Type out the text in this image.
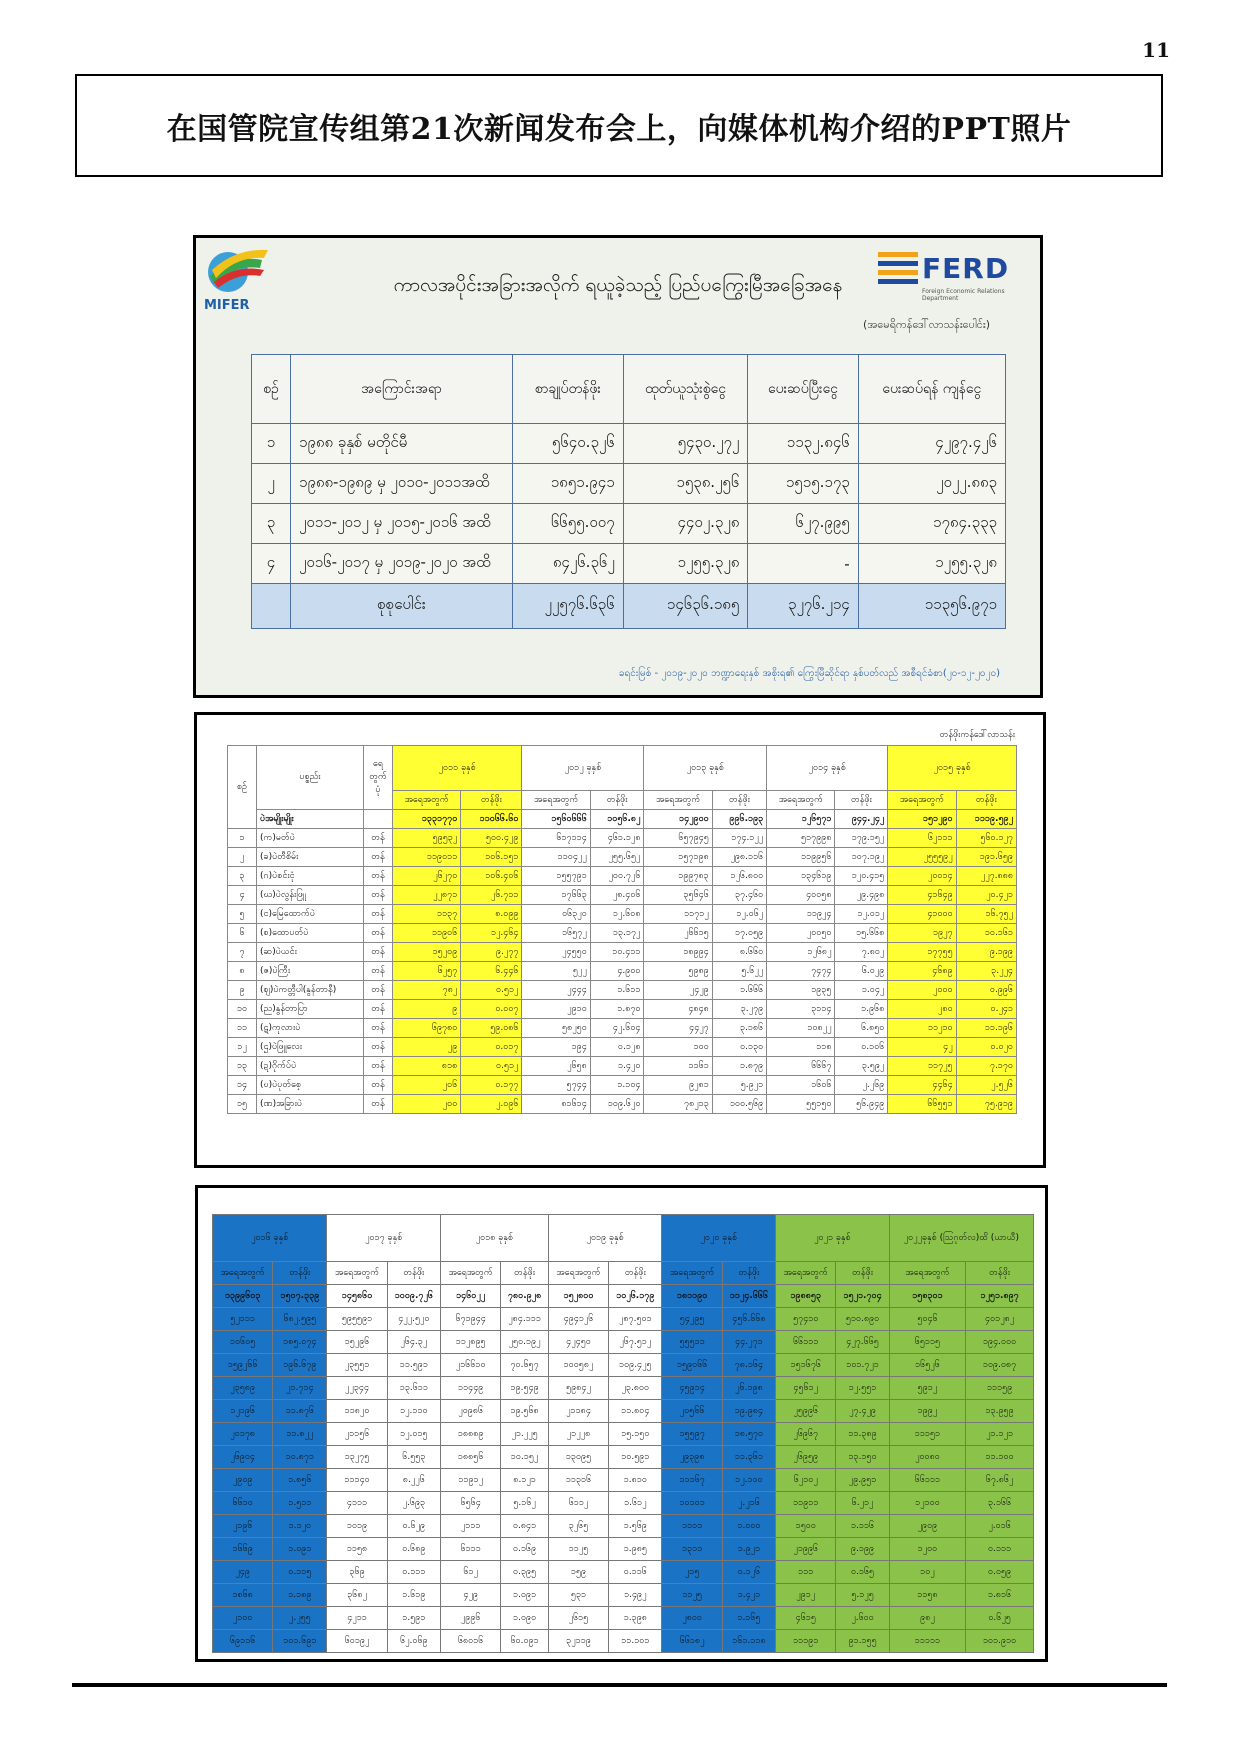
11
在国管院宣传组第21次新闻发布会上，向媒体机构介绍的PPT照片
MIFER
FERD
Foreign Economic Relations Department
ကာလအပိုင်းအခြားအလိုက် ရယူခဲ့သည့် ပြည်ပကြွေးမြီအခြေအနေ
(အမေရိကန်ဒေါ်လာသန်းပေါင်း)
စဉ်	အကြောင်းအရာ	စာချုပ်တန်ဖိုး	ထုတ်ယူသုံးစွဲငွေ	ပေးဆပ်ပြီးငွေ	ပေးဆပ်ရန် ကျန်ငွေ
၁	၁၉၈၈ ခုနှစ် မတိုင်မီ	၅၆၄၀.၃၂၆	၅၄၃၀.၂၇၂	၁၁၃၂.၈၄၆	၄၂၉၇.၄၂၆
၂	၁၉၈၈-၁၉၈၉ မှ ၂၀၁၀-၂၀၁၁အထိ	၁၈၅၁.၉၄၁	၁၅၃၈.၂၅၆	၁၅၁၅.၁၇၃	၂၀၂၂.၈၈၃
၃	၂၀၁၁-၂၀၁၂ မှ ၂၀၁၅-၂၀၁၆ အထိ	၆၆၅၅.၀၀၇	၄၄၀၂.၃၂၈	၆၂၇.၉၉၅	၁၇၈၄.၃၃၃
၄	၂၀၁၆-၂၀၁၇ မှ ၂၀၁၉-၂၀၂၀ အထိ	၈၄၂၆.၃၆၂	၁၂၅၅.၃၂၈	-	၁၂၅၅.၃၂၈
	စုစုပေါင်း	၂၂၅၇၆.၆၃၆	၁၄၆၃၆.၁၈၅	၃၂၇၆.၂၁၄	၁၁၃၅၆.၉၇၁
ခရင်းမြစ် - ၂၀၁၉-၂၀၂၀ ဘဏ္ဍာရေးနှစ် အစိုးရ၏ ကြွေးမြီဆိုင်ရာ နှစ်ပတ်လည် အစီရင်ခံစာ(၂၀-၁၂-၂၀၂၀)
တန်ဖိုးကန်ဒေါ်လာသန်း
စဉ်	ပစ္စည်း	ရေ တွက် ပုံ	၂၀၁၁ ခုနှစ်		၂၀၁၂ ခုနှစ်		၂၀၁၃ ခုနှစ်		၂၀၁၄ ခုနှစ်		၂၀၁၅ ခုနှစ်	
			အရေအတွက်	တန်ဖိုး	အရေအတွက်	တန်ဖိုး	အရေအတွက်	တန်ဖိုး	အရေအတွက်	တန်ဖိုး	အရေအတွက်	တန်ဖိုး
	ပဲအမျိုးမျိုး		၁၃၃၁၇၇၀	၁၁၀၆၆.၆၀	၁၅၆၀၆၆၆	၁၀၅၆.၈၂	၁၄၂၉၀၀	၉၉၆.၁၉၃	၁၂၆၅၇၁	၉၄၄.၂၄၂	၁၅၁၂၉၀	၁၁၁၉.၅၉၂
၁	(က)မတ်ပဲ	တန်	၅၉၅၃၂	၅၀၀.၄၂၉	၆၁၇၁၁၄	၄၆၁.၁၂၈	၆၅၇၉၄၅	၁၇၄.၁၂၂	၅၁၇၉၉၈	၁၇၉.၁၅၂	၆၂၁၁၁	၅၆၀.၁၂၇
၂	(ခ)ပဲတီစိမ်း	တန်	၁၁၉၀၁၁	၁၀၆.၁၅၁	၁၁၀၄၂၂	၂၅၅.၆၅၂	၁၅၇၁၉၈	၂၉၈.၁၁၆	၁၁၉၉၅၆	၁၀၇.၁၉၂	၂၅၅၅၉၂	၁၉၁.၆၅၉
၃	(ဂ)ပဲစင်းငုံ	တန်	၂၆၂၇၀	၁၀၆.၄၀၆	၁၅၅၇၉၁	၂၀၀.၇၂၆	၁၉၉၇၈၃	၁၂၆.၈၀၀	၁၃၄၆၁၉	၁၂၀.၄၁၅	၂၀၀၁၄	၂၂၇.၈၈၈
၄	(ဃ)ပဲလွန်းဖြူ	တန်	၂၂၈၇၁	၂၆.၇၁၁	၁၇၆၆၃	၂၈.၄၀၆	၃၅၆၄၆	၃၇.၄၆၀	၄၀၀၅၈	၂၉.၄၉၈	၄၁၆၄၉	၂၀.၄၂၁
၅	(င)မြေထောက်ပဲ	တန်	၁၁၃၇	၈.၀၉၉	၀၆၃၂၀	၁၂.၆၀၈	၁၁၇၁၂	၁၂.၀၆၂	၁၁၉၂၄	၁၂.၀၁၂	၄၁၀၀၀	၁၆.၇၅၂
၆	(စ)ထောပတ်ပဲ	တန်	၁၁၉၀၆	၁၂.၄၆၄	၁၆၅၇၂	၁၃.၁၇၂	၂၆၆၁၅	၁၇.၀၅၉	၂၀၀၅၀	၁၅.၆၆၈	၁၉၂၇	၁၀.၁၆၁
၇	(ဆ)ပဲယင်း	တန်	၁၅၂၀၉	၉.၂၇၇	၂၄၅၅၀	၁၀.၄၁၁	၁၈၉၉၄	၈.၆၆၀	၁၂၆၈၂	၇.၈၀၂	၁၇၇၅၅	၉.၁၉၉
၈	(ဇ)ပဲကြီး	တန်	၆၂၅၇	၆.၄၄၆	၅၂၂	၄.၉၀၀	၅၉၈၉	၅.၆၂၂	၇၄၇၄	၆.၀၂၉	၄၆၈၉	၃.၂၂၄
၉	(ဈ)ပဲကတ္တီပါ(နွန်တာနီ)	တန်	၇၈၂	၀.၅၁၂	၂၄၄၄	၁.၆၁၁	၂၄၂၉	၁.၆၆၆	၁၉၃၅	၁.၀၄၂	၂၀၀၀	၀.၉၉၆
၁၀	(ည)နွန်တာပြာ	တန်	၉	၀.၀၀၇	၂၉၁၀	၁.၈၇၀	၄၈၄၈	၃.၂၇၉	၃၁၁၄	၁.၉၆၈	၂၈၀	၀.၂၄၁
၁၁	(ဋ)ကုလားပဲ	တန်	၆၉၇၈၀	၅၉.၀၈၆	၅၈၂၅၀	၄၂.၆၀၄	၄၄၂၇	၃.၁၈၆	၁၀၈၂၂	၆.၈၅၀	၁၁၂၁၀	၁၁.၁၉၆
၁၂	(ဌ)ပဲဖြူလေး	တန်	၂၉	၀.၀၁၇	၁၉၄	၀.၁၂၈	၁၀၀	၀.၁၃၀	၁၁၈	၀.၁၀၆	၄၂	၀.၀၂၀
၁၃	(ဍ)ဂိုက်ပ်ပဲ	တန်	၈၁၈	၀.၅၁၂	၂၆၅၈	၁.၄၂၀	၁၁၆၁	၁.၈၇၉	၆၆၆၇	၃.၅၉၂	၁၁၇၂၅	၇.၁၇၀
၁၄	(ဎ)ပဲပုတ်စေ့	တန်	၂၀၆	၀.၁၇၇	၅၇၄၄	၁.၁၀၄	၉၂၈၁	၅.၉၂၁	၁၆၀၆	၂.၂၆၉	၄၄၆၄	၂.၅၂၆
၁၅	(ဏ)အခြားပဲ	တန်	၂၀၀	၂.၀၉၆	၈၁၆၁၄	၁၀၉.၆၂၀	၇၈၂၁၃	၁၀၀.၅၆၉	၅၅၁၅၀	၅၆.၉၄၉	၆၆၅၅၁	၇၅.၉၁၉
၂၀၁၆ ခုနှစ်		၂၀၁၇ ခုနှစ်		၂၀၁၈ ခုနှစ်		၂၀၁၉ ခုနှစ်		၂၀၂၀ ခုနှစ်		၂၀၂၁ ခုနှစ်		၂၀၂၂ခုနှစ် (ဩဂုတ်လ)ထိ (ယာယီ)	
အရေအတွက်	တန်ဖိုး	အရေအတွက်	တန်ဖိုး	အရေအတွက်	တန်ဖိုး	အရေအတွက်	တန်ဖိုး	အရေအတွက်	တန်ဖိုး	အရေအတွက်	တန်ဖိုး	အရေအတွက်	တန်ဖိုး
၁၃၉၉၆၀၃	၁၅၀၇.၃၃၉	၁၄၅၈၆၀	၁၀၀၉.၇၂၆	၁၄၆၀၂၂	၇၈၀.၉၂၈	၁၅၂၈၀၀	၁၀၂၆.၁၇၉	၁၈၁၁၉၀	၁၁၂၄.၆၆၆	၁၉၈၈၅၃	၁၅၂၁.၇၀၄	၁၅၈၃၀၁	၁၂၅၁.၈၉၇
၅၂၁၁၁	၆၈၂.၅၉၅	၅၉၅၅၉၁	၄၂၂.၅၂၀	၆၇၁၉၄၄	၂၈၄.၁၁၁	၄၉၄၁၂၆	၂၈၇.၅၀၁	၅၄၂၉၅	၄၅၆.၆၆၈	၅၇၄၁၀	၅၁၀.၈၉၀	၅၀၄၆	၄၀၁၂၈၂
၁၀၆၀၅	၁၈၅.၀၇၄	၁၅၂၉၆	၂၆၄.၃၂	၁၁၂၈၉၅	၂၅၀.၁၉၂	၄၂၄၅၀	၂၆၇.၅၁၂	၅၅၅၁၁	၄၄.၂၇၁	၆၆၁၁၁	၄၂၇.၆၆၅	၆၅၁၁၅	၁၉၄.၀၀၀
၁၅၉၂၆၆	၁၉၆.၆၇၉	၂၃၅၅၁	၁၁.၅၉၁	၂၁၆၆၁၀	၇၀.၆၅၇	၁၀၀၅၈၂	၁၀၉.၄၂၅	၁၅၉၀၆၆	၇၈.၁၆၄	၁၅၁၆၇၆	၁၀၁.၇၂၁	၁၆၅၂၆	၁၀၉.၀၈၇
၂၃၅၈၉	၂၁.၇၁၄	၂၂၃၄၄	၁၃.၆၁၁	၁၁၄၄၉	၁၉.၅၄၉	၅၉၈၄၂	၂၃.၈၀၀	၄၅၉၁၄	၂၆.၁၉၈	၄၅၆၁၂	၁၂.၅၅၁	၅၉၁၂	၁၁၁၅၉
၁၂၁၉၆	၁၁.၈၇၆	၁၁၈၂၀	၁၂.၁၁၀	၂၀၉၈၆	၁၉.၅၆၈	၂၁၁၈၄	၁၁.၈၀၄	၂၀၅၆၆	၁၉.၉၈၄	၂၅၉၉၆	၂၇.၄၂၉	၁၉၉၂	၁၃.၉၅၉
၂၀၁၇၈	၁၁.၈၂၂	၂၁၁၅၆	၁၂.၀၁၅	၁၈၈၈၉	၂၁.၂၂၅	၂၁၂၂၈	၁၅.၁၅၀	၁၅၅၉၇	၁၈.၅၇၀	၂၆၉၆၇	၁၁.၃၈၉	၁၁၁၅၁	၂၁.၁၂၁
၂၆၉၀၄	၁၀.၈၇၁	၁၃၂၇၅	၆.၅၅၃	၁၈၈၅၆	၁၀.၁၅၂	၁၃၀၉၅	၁၀.၅၉၁	၂၉၃၉၈	၁၁.၃၆၁	၂၆၉၅၉	၁၃.၁၅၀	၂၀၀၈၀	၁၁.၁၀၀
၂၉၀၉	၁.၈၅၆	၁၁၁၄၀	၈.၂၂၆	၁၁၉၁၂	၈.၁၂၁	၁၁၃၁၆	၁.၈၁၀	၁၁၁၆၇	၁၂.၁၀၀	၆၂၁၀၂	၂၉.၉၅၁	၆၆၁၁၁	၆၇.၈၆၂
၆၆၁၀	၁.၅၁၁	၄၁၁၁	၂.၆၉၃	၆၅၆၄	၅.၁၆၂	၆၁၁၂	၁.၆၁၂	၁၀၁၀၁	၂.၂၁၆	၁၁၉၁၁	၆.၂၁၂	၁၂၁၀၀	၃.၁၆၆
၂၁၉၆	၁.၁၂၀	၁၀၁၉	၀.၆၂၉	၂၁၁၁	၀.၈၄၁	၃၂၆၅	၁.၅၆၉	၁၁၁၁	၁.၀၀၀	၁၅၀၀	၁.၁၁၆	၂၉၀၉	၂.၀၁၆
၁၆၆၉	၁.၀၉၁	၁၁၅၈	၀.၆၈၉	၆၁၁၁	၀.၁၆၉	၁၁၂၅	၁.၉၈၅	၁၃၁၁	၁.၉၂၁	၂၁၉၉၆	၉.၁၉၉	၁၂၀၀	၀.၁၁၁
၂၄၉	၀.၁၁၅	၃၆၉	၀.၁၁၁	၆၁၂	၀.၃၉၅	၁၅၉	၀.၁၁၆	၂၁၅	၀.၁၂၆	၁၁၁	၀.၁၆၅	၁၀၂	၀.၀၅၉
၁၈၆၈	၁.၁၈၉	၃၆၈၂	၁.၆၁၉	၄၂၉	၁.၀၉၁	၅၃၁	၁.၄၉၂	၁၁၂၅	၁.၄၂၁	၂၉၁၂	၅.၁၂၅	၁၁၅၈	၁.၈၁၆
၂၁၀၀	၂.၂၅၅	၄၂၁၁	၁.၅၉၁	၂၉၉၆	၁.၀၉၀	၂၆၁၅	၁.၃၉၈	၂၈၀၀	၁.၁၆၅	၄၆၁၅	၂.၆၀၀	၉၈၂	၀.၆၂၅
၆၉၁၁၆	၁၀၁.၆၉၁	၆၀၁၉၂	၆၂.၀၆၉	၆၈၀၁၆	၆၀.၀၉၁	၃၂၁၁၉	၁၁.၁၀၁	၆၆၁၈၂	၁၆၁.၁၁၈	၁၁၁၉၁	၉၁.၁၅၅	၁၁၁၁၁	၁၀၁.၉၁၀
